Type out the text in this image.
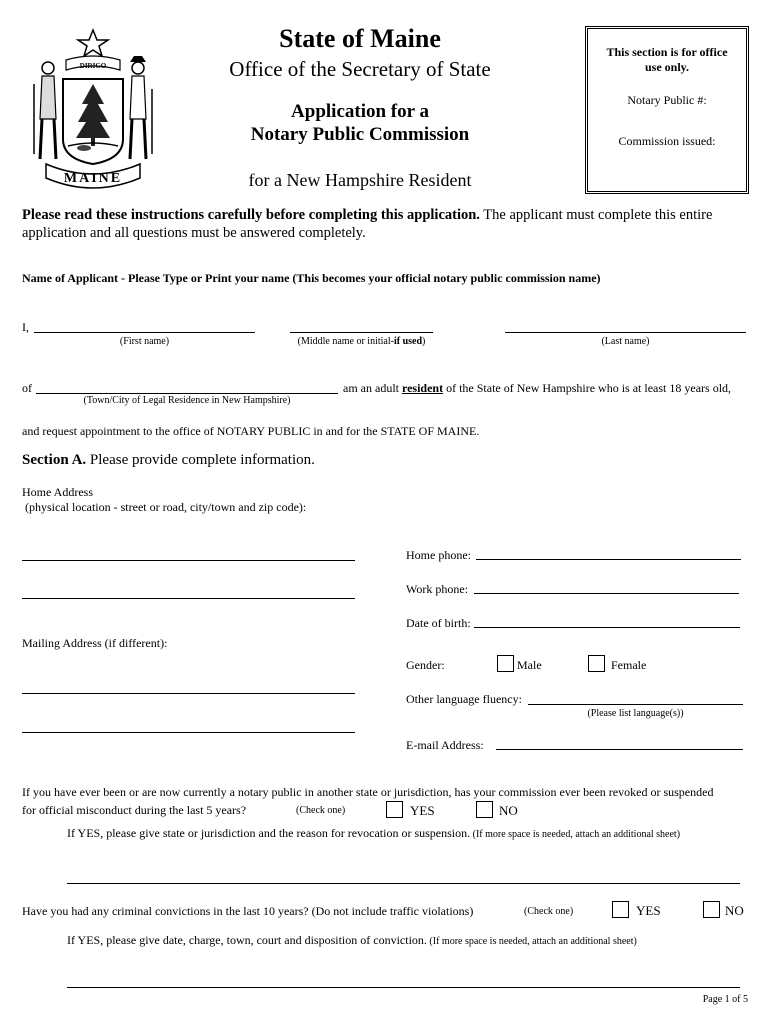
DIRIGO
MAINE
State of Maine
Office of the Secretary of State
Application for a
Notary Public Commission
for a New Hampshire Resident
This section is for office
use only.
Notary Public #:
Commission issued:
Please read these instructions carefully before completing this application. The applicant must complete this entire application and all questions must be answered completely.
Name of Applicant - Please Type or Print your name (This becomes your official notary public commission name)
I,
(First name)	(Middle name or initial-if used)	(Last name)
of	am an adult resident of the State of New Hampshire who is at least 18 years old,
(Town/City of Legal Residence in New Hampshire)
and request appointment to the office of NOTARY PUBLIC in and for the STATE OF MAINE.
Section A. Please provide complete information.
Home Address
(physical location - street or road, city/town and zip code):
Mailing Address (if different):
Home phone:
Work phone:
Date of birth:
Gender:	Male	Female
Other language fluency:
(Please list language(s))
E-mail Address:
If you have ever been or are now currently a notary public in another state or jurisdiction, has your commission ever been revoked or suspended
for official misconduct during the last 5 years?	(Check one)	YES	NO
If YES, please give state or jurisdiction and the reason for revocation or suspension. (If more space is needed, attach an additional sheet)
Have you had any criminal convictions in the last 10 years? (Do not include traffic violations)	(Check one)	YES	NO
If YES, please give date, charge, town, court and disposition of conviction. (If more space is needed, attach an additional sheet)
Page 1 of 5
